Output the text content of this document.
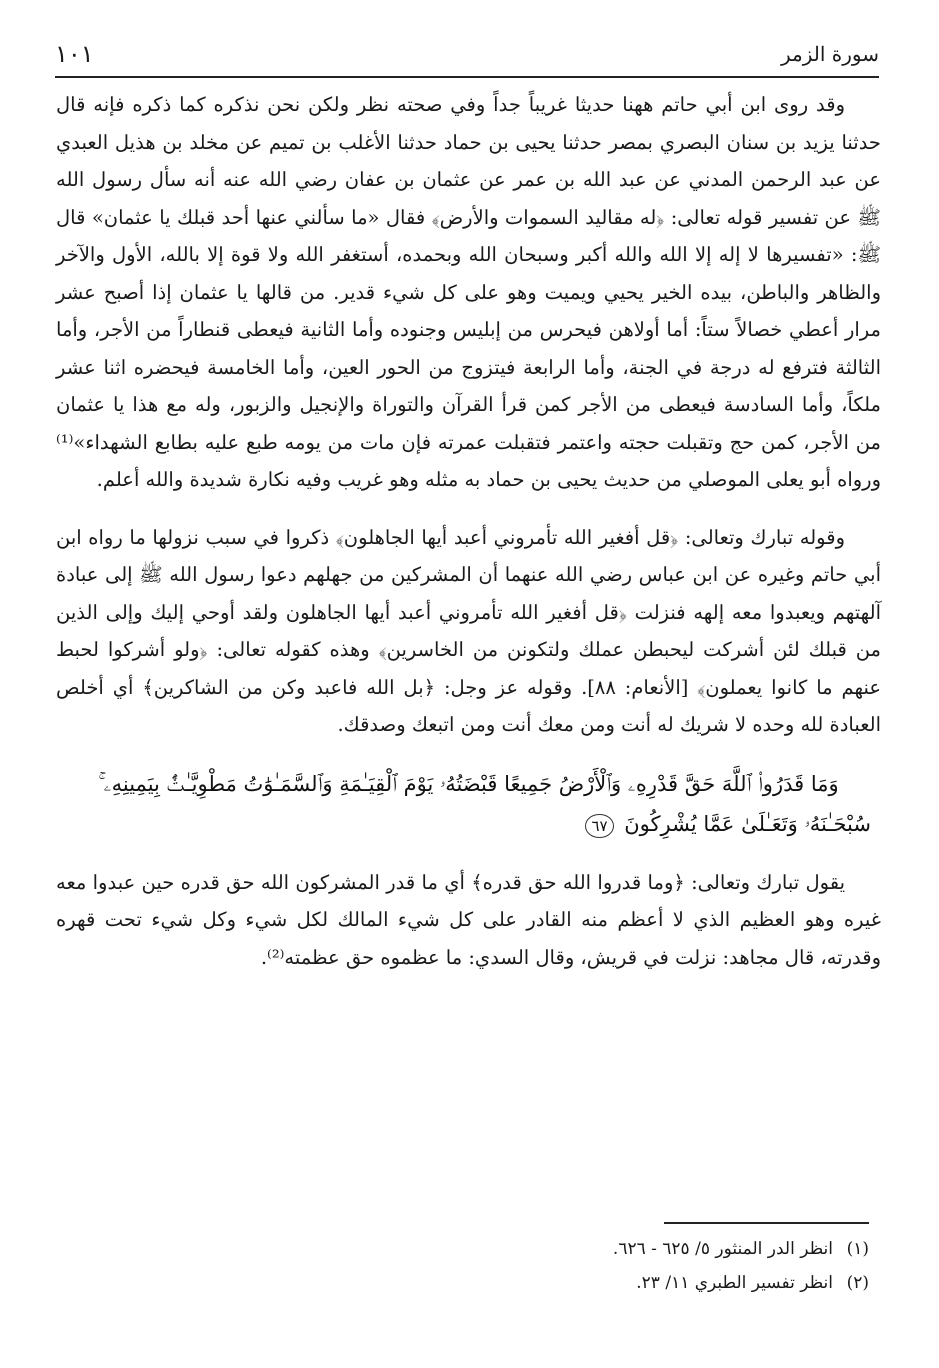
١٠١	سورة الزمر

وقد روى ابن أبي حاتم ههنا حديثا غريباً جداً وفي صحته نظر ولكن نحن نذكره كما ذكره فإنه قال حدثنا يزيد بن سنان البصري بمصر حدثنا يحيى بن حماد حدثنا الأغلب بن تميم عن مخلد بن هذيل العبدي عن عبد الرحمن المدني عن عبد الله بن عمر عن عثمان بن عفان رضي الله عنه أنه سأل رسول الله ﷺ عن تفسير قوله تعالى: ﴿له مقاليد السموات والأرض﴾ فقال «ما سألني عنها أحد قبلك يا عثمان» قال ﷺ: «تفسيرها لا إله إلا الله والله أكبر وسبحان الله وبحمده، أستغفر الله ولا قوة إلا بالله، الأول والآخر والظاهر والباطن، بيده الخير يحيي ويميت وهو على كل شيء قدير. من قالها يا عثمان إذا أصبح عشر مرار أعطي خصالاً ستاً: أما أولاهن فيحرس من إبليس وجنوده وأما الثانية فيعطى قنطاراً من الأجر، وأما الثالثة فترفع له درجة في الجنة، وأما الرابعة فيتزوج من الحور العين، وأما الخامسة فيحضره اثنا عشر ملكاً، وأما السادسة فيعطى من الأجر كمن قرأ القرآن والتوراة والإنجيل والزبور، وله مع هذا يا عثمان من الأجر، كمن حج وتقبلت حجته واعتمر فتقبلت عمرته فإن مات من يومه طبع عليه بطابع الشهداء»⁽¹⁾ ورواه أبو يعلى الموصلي من حديث يحيى بن حماد به مثله وهو غريب وفيه نكارة شديدة والله أعلم.

وقوله تبارك وتعالى: ﴿قل أفغير الله تأمروني أعبد أيها الجاهلون﴾ ذكروا في سبب نزولها ما رواه ابن أبي حاتم وغيره عن ابن عباس رضي الله عنهما أن المشركين من جهلهم دعوا رسول الله ﷺ إلى عبادة آلهتهم ويعبدوا معه إلهه فنزلت ﴿قل أفغير الله تأمروني أعبد أيها الجاهلون ولقد أوحي إليك وإلى الذين من قبلك لئن أشركت ليحبطن عملك ولتكونن من الخاسرين﴾ وهذه كقوله تعالى: ﴿ولو أشركوا لحبط عنهم ما كانوا يعملون﴾ [الأنعام: ٨٨]. وقوله عز وجل: ﴿بل الله فاعبد وكن من الشاكرين﴾ أي أخلص العبادة لله وحده لا شريك له أنت ومن معك أنت ومن اتبعك وصدقك.

وَمَا قَدَرُوا۟ ٱللَّهَ حَقَّ قَدْرِهِۦ وَٱلْأَرْضُ جَمِيعًا قَبْضَتُهُۥ يَوْمَ ٱلْقِيَـٰمَةِ وَٱلسَّمَـٰوَٰتُ مَطْوِيَّـٰتٌۢ بِيَمِينِهِۦ ۚ سُبْحَـٰنَهُۥ وَتَعَـٰلَىٰ عَمَّا يُشْرِكُونَ ٦٧

يقول تبارك وتعالى: ﴿وما قدروا الله حق قدره﴾ أي ما قدر المشركون الله حق قدره حين عبدوا معه غيره وهو العظيم الذي لا أعظم منه القادر على كل شيء المالك لكل شيء وكل شيء تحت قهره وقدرته، قال مجاهد: نزلت في قريش، وقال السدي: ما عظموه حق عظمته⁽²⁾.

(١)
انظر الدر المنثور ٥/ ٦٢٥ - ٦٢٦.
(٢)
انظر تفسير الطبري ١١/ ٢٣.
